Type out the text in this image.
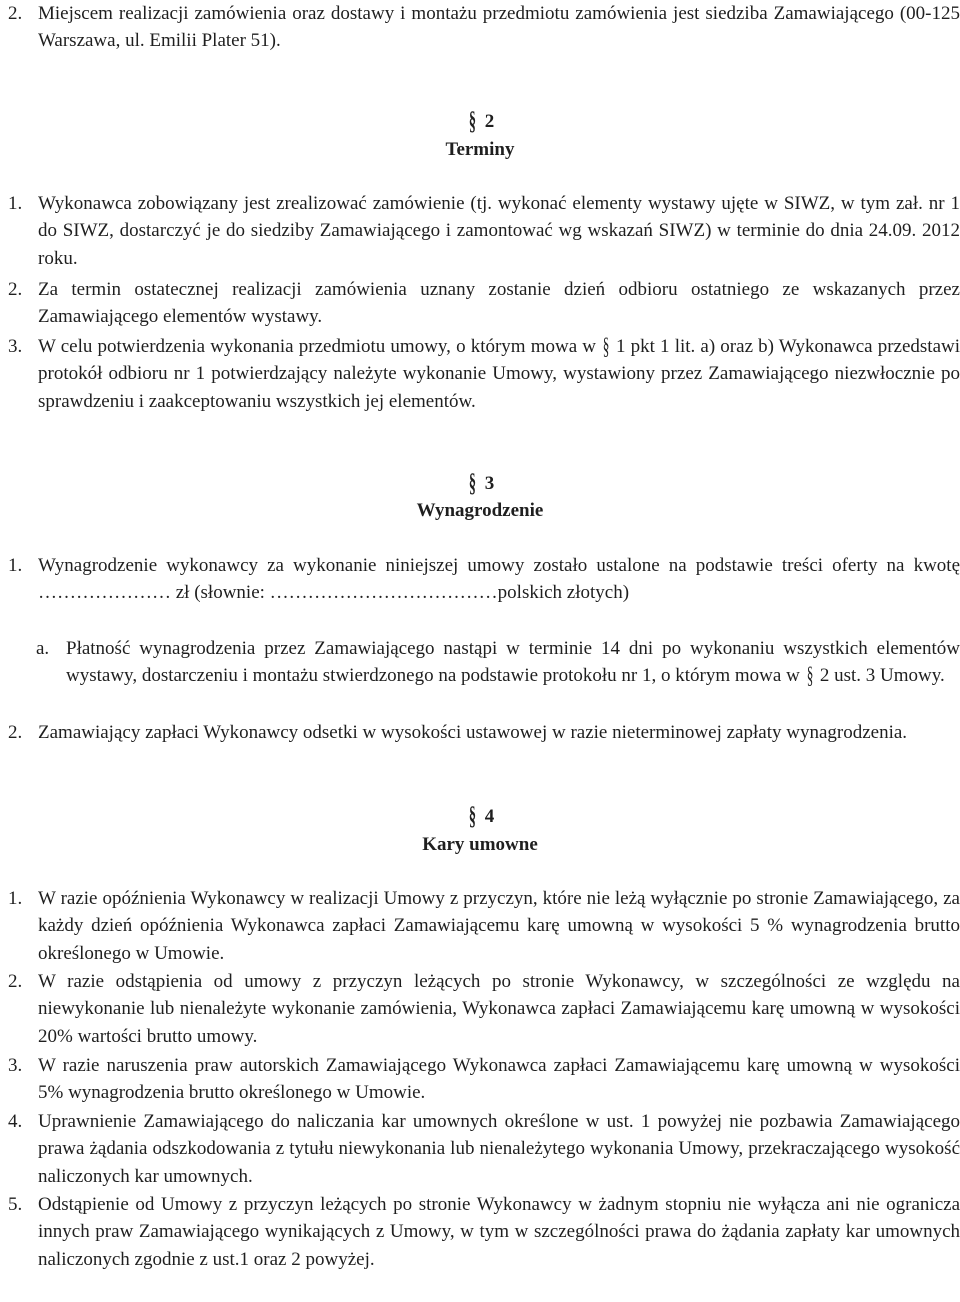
2. Miejscem realizacji zamówienia oraz dostawy i montażu przedmiotu zamówienia jest siedziba Zamawiającego (00-125 Warszawa, ul. Emilii Plater 51).
§ 2
Terminy
1. Wykonawca zobowiązany jest zrealizować zamówienie (tj. wykonać elementy wystawy ujęte w SIWZ, w tym zał. nr 1 do SIWZ, dostarczyć je do siedziby Zamawiającego i zamontować wg wskazań SIWZ) w terminie do dnia 24.09. 2012 roku.
2. Za termin ostatecznej realizacji zamówienia uznany zostanie dzień odbioru ostatniego ze wskazanych przez Zamawiającego elementów wystawy.
3. W celu potwierdzenia wykonania przedmiotu umowy, o którym mowa w § 1 pkt 1 lit. a) oraz b) Wykonawca przedstawi protokół odbioru nr 1 potwierdzający należyte wykonanie Umowy, wystawiony przez Zamawiającego niezwłocznie po sprawdzeniu i zaakceptowaniu wszystkich jej elementów.
§ 3
Wynagrodzenie
1. Wynagrodzenie wykonawcy za wykonanie niniejszej umowy zostało ustalone na podstawie treści oferty na kwotę ………………… zł (słownie: ………………………………polskich złotych)
a. Płatność wynagrodzenia przez Zamawiającego nastąpi w terminie 14 dni po wykonaniu wszystkich elementów wystawy, dostarczeniu i montażu stwierdzonego na podstawie protokołu nr 1, o którym mowa w § 2 ust. 3 Umowy.
2. Zamawiający zapłaci Wykonawcy odsetki w wysokości ustawowej w razie nieterminowej zapłaty wynagrodzenia.
§ 4
Kary umowne
1. W razie opóźnienia Wykonawcy w realizacji Umowy z przyczyn, które nie leżą wyłącznie po stronie Zamawiającego, za każdy dzień opóźnienia Wykonawca zapłaci Zamawiającemu karę umowną w wysokości 5 % wynagrodzenia brutto określonego w Umowie.
2. W razie odstąpienia od umowy z przyczyn leżących po stronie Wykonawcy, w szczególności ze względu na niewykonanie lub nienależyte wykonanie zamówienia, Wykonawca zapłaci Zamawiającemu karę umowną w wysokości 20% wartości brutto umowy.
3. W razie naruszenia praw autorskich Zamawiającego Wykonawca zapłaci Zamawiającemu karę umowną w wysokości 5% wynagrodzenia brutto określonego w Umowie.
4. Uprawnienie Zamawiającego do naliczania kar umownych określone w ust. 1 powyżej nie pozbawia Zamawiającego prawa żądania odszkodowania z tytułu niewykonania lub nienależytego wykonania Umowy, przekraczającego wysokość naliczonych kar umownych.
5. Odstąpienie od Umowy z przyczyn leżących po stronie Wykonawcy w żadnym stopniu nie wyłącza ani nie ogranicza innych praw Zamawiającego wynikających z Umowy, w tym w szczególności prawa do żądania zapłaty kar umownych naliczonych zgodnie z ust.1 oraz 2 powyżej.
